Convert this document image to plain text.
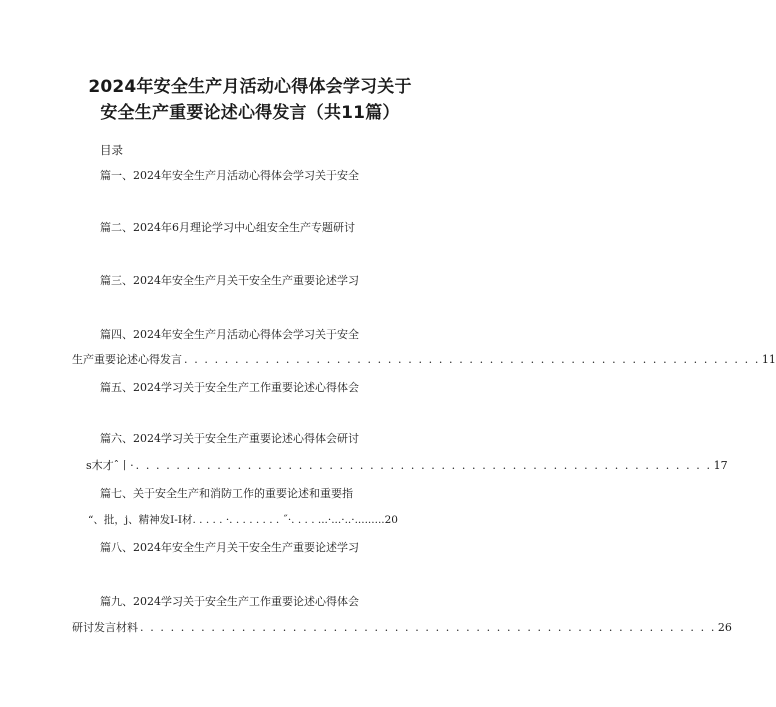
2024年安全生产月活动心得体会学习关于
安全生产重要论述心得发言（共11篇）
目录
篇一、2024年安全生产月活动心得体会学习关于安全
篇二、2024年6月理论学习中心组安全生产专题研讨
篇三、2024年安全生产月关干安全生产重要论述学习
篇四、2024年安全生产月活动心得体会学习关于安全
生产重要论述心得发言 . . . . . . . . . . . . . . . . . . . . . . . . . . . . . . . . . . . . . . . . . . . . . . . . . . . . . . . . . 11
篇五、2024学习关于安全生产工作重要论述心得体会
篇六、2024学习关于安全生产重要论述心得体会研讨
s木才ˆ丨· . . . . . . . . . . . . . . . . . . . . . . . . . . . . . . . . . . . . . . . . . . . . . . . . . . . . . . . . . 17
篇七、关于安全生产和消防工作的重要论述和重要指
“、批，j、精神发I-I材. . . . . ·. . . . . . . . ˝·. . . . ...·...·..·.........20
篇八、2024年安全生产月关干安全生产重要论述学习
篇九、2024学习关于安全生产工作重要论述心得体会
研讨发言材料 . . . . . . . . . . . . . . . . . . . . . . . . . . . . . . . . . . . . . . . . . . . . . . . . . . . . . . . . . 26
